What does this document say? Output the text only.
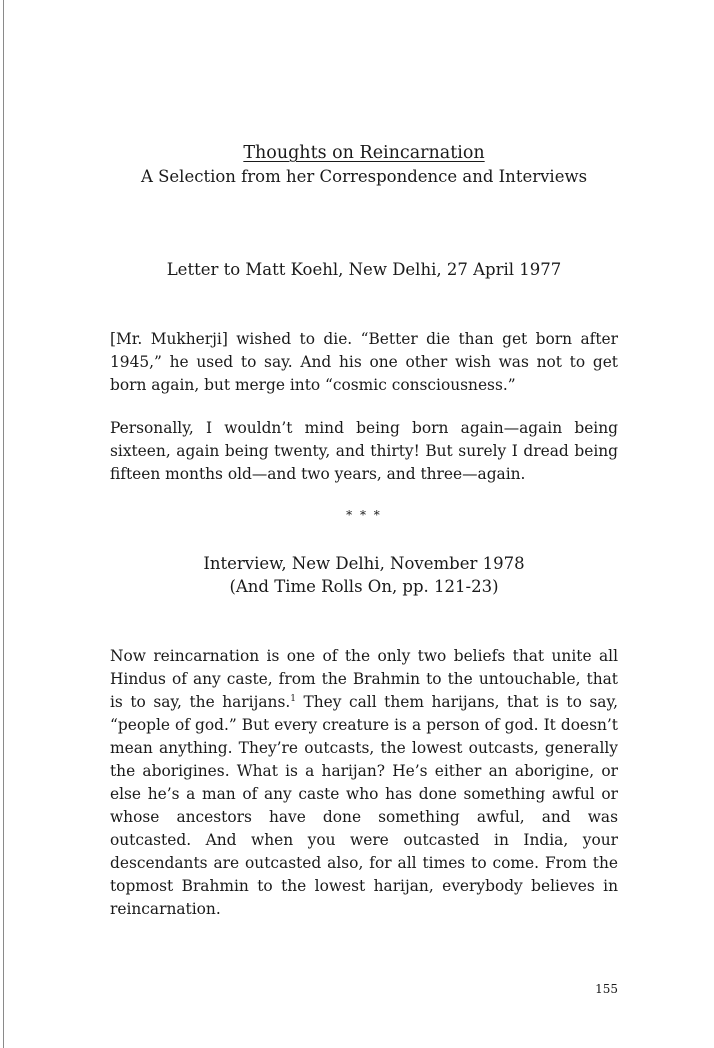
Thoughts on Reincarnation

A Selection from her Correspondence and Interviews

Letter to Matt Koehl, New Delhi, 27 April 1977

[Mr. Mukherji] wished to die. “Better die than get born after 1945,” he used to say. And his one other wish was not to get born again, but merge into “cosmic consciousness.”

Personally, I wouldn’t mind being born again—again being sixteen, again being twenty, and thirty! But surely I dread being fifteen months old—and two years, and three—again.

* * *

Interview, New Delhi, November 1978

(And Time Rolls On, pp. 121-23)

Now reincarnation is one of the only two beliefs that unite all Hindus of any caste, from the Brahmin to the untouchable, that is to say, the harijans.$^1$ They call them harijans, that is to say, “people of god.” But every creature is a person of god. It doesn’t mean anything. They’re outcasts, the lowest outcasts, generally the aborigines. What is a harijan? He’s either an aborigine, or else he’s a man of any caste who has done something awful or whose ancestors have done something awful, and was outcasted. And when you were outcasted in India, your descendants are outcasted also, for all times to come. From the topmost Brahmin to the lowest harijan, everybody believes in reincarnation.

155
